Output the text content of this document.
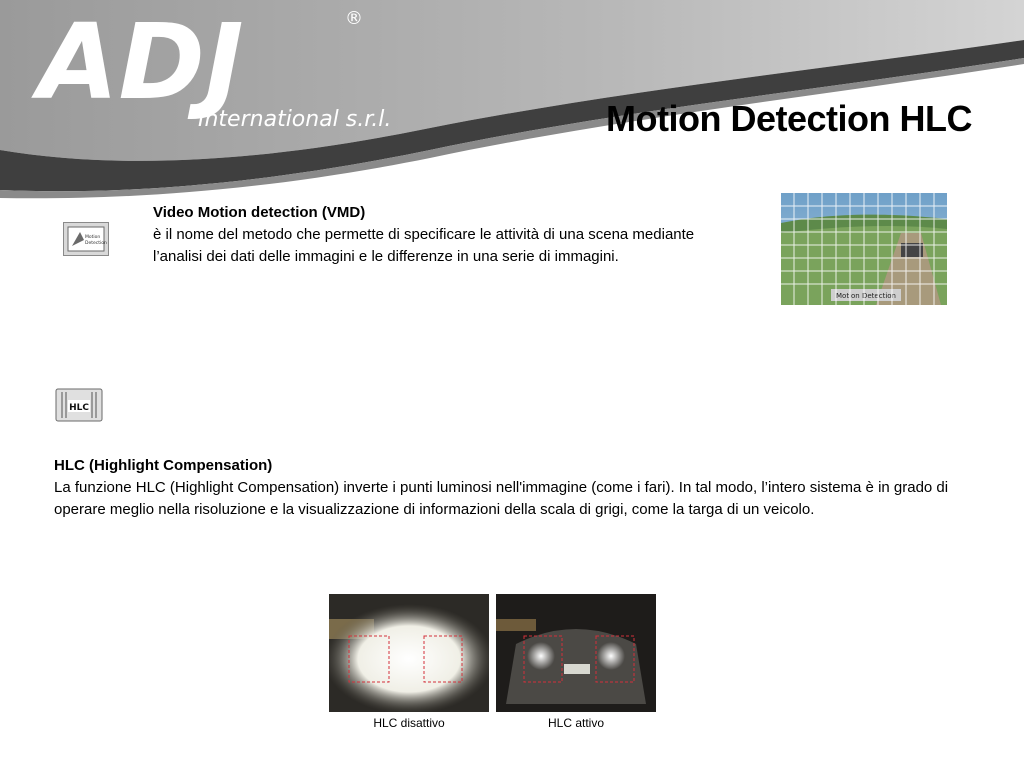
ADJ	®
International s.r.l.	Motion Detection HLC
Motion
Detection
Video Motion detection (VMD)
è il nome del metodo che permette di specificare le attività di una scena mediante l’analisi dei dati delle immagini e le differenze in una serie di immagini.
Motion Detection
HLC
HLC (Highlight Compensation)
La funzione HLC (Highlight Compensation) inverte i punti luminosi nell'immagine (come i fari). In tal modo, l’intero sistema è in grado di operare meglio nella risoluzione e la visualizzazione di informazioni della scala di grigi, come la targa di un veicolo.
HLC disattivo	HLC attivo
